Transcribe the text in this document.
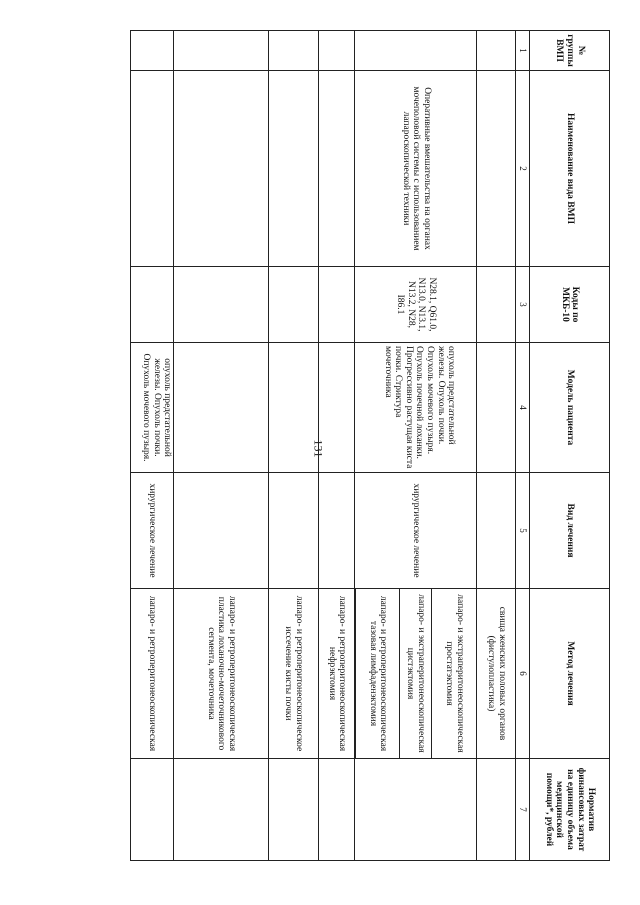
131
№ группы ВМП	Наименование вида ВМП	Коды по МКБ-10	Модель пациента	Вид лечения	Метод лечения	Норматив финансовых затрат на единицу объема медицинской помощи*, рублей
1	2	3	4	5	6	7
					свища женских половых органов (фистулопластика)	
	Оперативные вмешательства на органах мочеполовой системы с использованием лапароскопической техники	N28.1, Q61.0, N13.0, N13.1, N13.2, N28, I86.1	опухоль предстательной железы. Опухоль почки. Опухоль мочевого пузыря. Опухоль почечной лоханки. Прогрессивно растущая киста почки. Стриктура мочеточника	хирургическое лечение	лапаро- и экстраперитонеоскопическая простатэктомия	
					лапаро- и экстраперитонеоскопическая цистэктомия	
					лапаро- и ретроперитонеоскопическая тазовая лимфаденэктомия	

					лапаро- и ретроперитонеоскопическая нефрэктомия	
					лапаро- и ретроперитонеоскопическое иссечение кисты почки	
					лапаро- и ретроперитонеоскопическая пластика лоханочно-мочеточникового сегмента, мочеточника	
			опухоль предстательной железы. Опухоль почки. Опухоль мочевого пузыря.	хирургическое лечение	лапаро- и ретроперитонеоскопическая	
